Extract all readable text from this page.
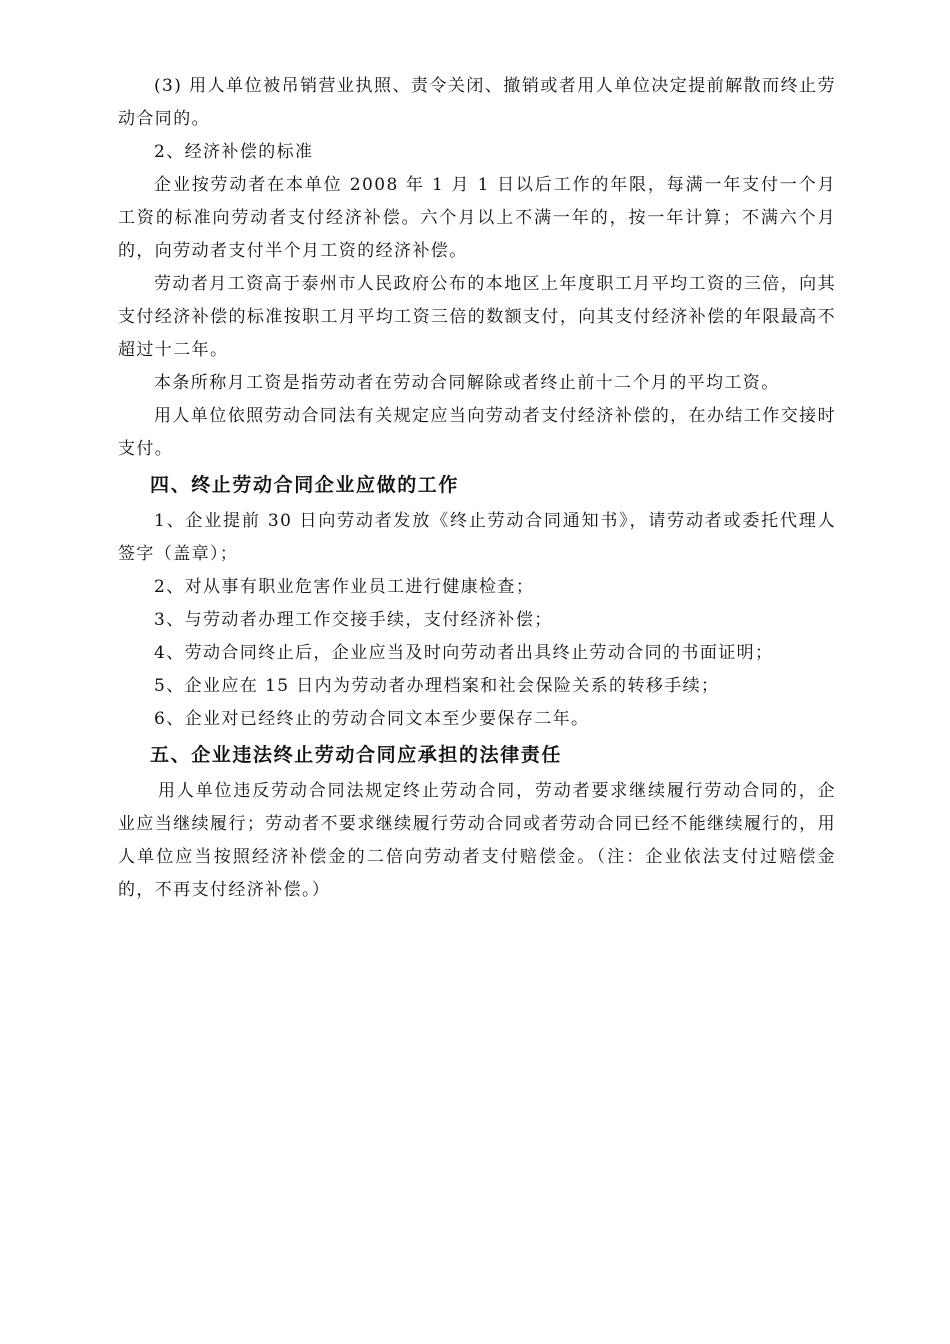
(3) 用人单位被吊销营业执照、责令关闭、撤销或者用人单位决定提前解散而终止劳动合同的。

2、经济补偿的标准

企业按劳动者在本单位 2008 年 1 月 1 日以后工作的年限，每满一年支付一个月工资的标准向劳动者支付经济补偿。六个月以上不满一年的，按一年计算；不满六个月的，向劳动者支付半个月工资的经济补偿。

劳动者月工资高于泰州市人民政府公布的本地区上年度职工月平均工资的三倍，向其支付经济补偿的标准按职工月平均工资三倍的数额支付，向其支付经济补偿的年限最高不超过十二年。

本条所称月工资是指劳动者在劳动合同解除或者终止前十二个月的平均工资。

用人单位依照劳动合同法有关规定应当向劳动者支付经济补偿的，在办结工作交接时支付。

四、终止劳动合同企业应做的工作

1、企业提前 30 日向劳动者发放《终止劳动合同通知书》，请劳动者或委托代理人签字（盖章）；

2、对从事有职业危害作业员工进行健康检查；

3、与劳动者办理工作交接手续，支付经济补偿；

4、劳动合同终止后，企业应当及时向劳动者出具终止劳动合同的书面证明；

5、企业应在 15 日内为劳动者办理档案和社会保险关系的转移手续；

6、企业对已经终止的劳动合同文本至少要保存二年。

五、企业违法终止劳动合同应承担的法律责任

用人单位违反劳动合同法规定终止劳动合同，劳动者要求继续履行劳动合同的，企业应当继续履行；劳动者不要求继续履行劳动合同或者劳动合同已经不能继续履行的，用人单位应当按照经济补偿金的二倍向劳动者支付赔偿金。（注：企业依法支付过赔偿金的，不再支付经济补偿。）
